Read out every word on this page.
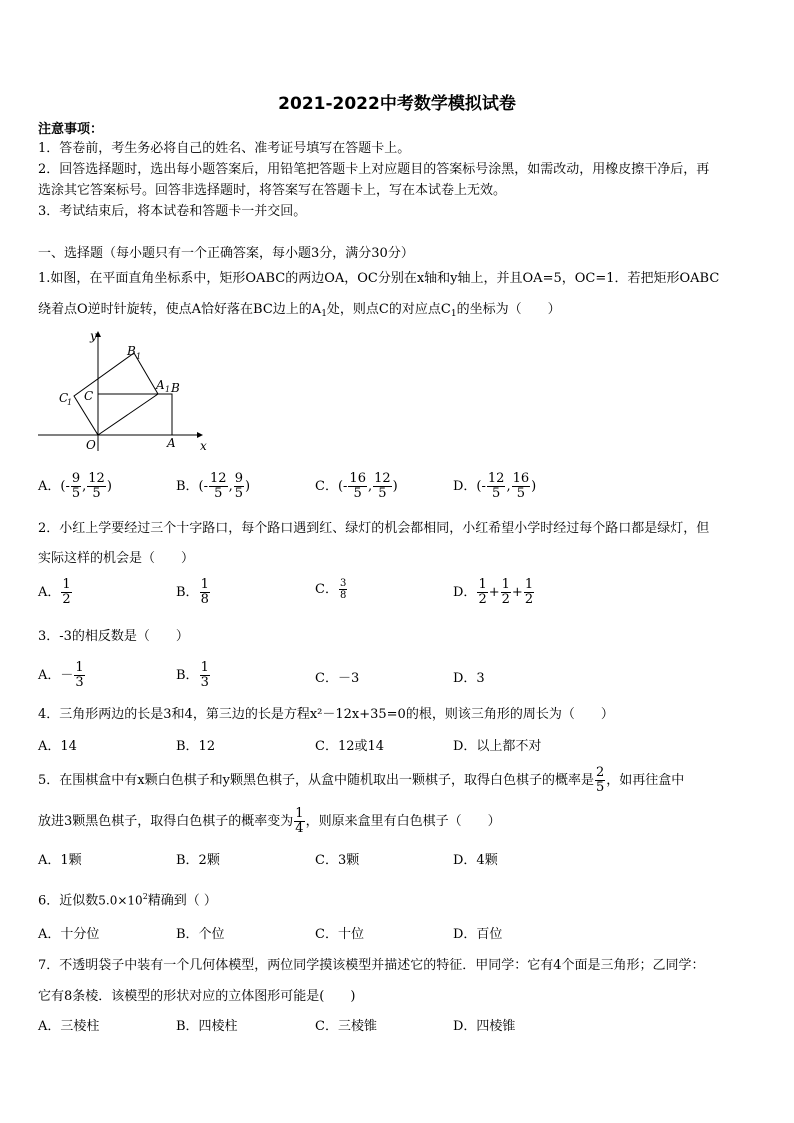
2021-2022中考数学模拟试卷
注意事项：
1．答卷前，考生务必将自己的姓名、准考证号填写在答题卡上。
2．回答选择题时，选出每小题答案后，用铅笔把答题卡上对应题目的答案标号涂黑，如需改动，用橡皮擦干净后，再
选涂其它答案标号。回答非选择题时，将答案写在答题卡上，写在本试卷上无效。
3．考试结束后，将本试卷和答题卡一并交回。
一、选择题（每小题只有一个正确答案，每小题3分，满分30分）
1.如图，在平面直角坐标系中，矩形OABC的两边OA，OC分别在x轴和y轴上，并且OA=5，OC=1．若把矩形OABC
绕着点O逆时针旋转，使点A恰好落在BC边上的$A_1$处，则点C的对应点$C_1$的坐标为（　　）
y
x
O	A
B
C
B 1
A 1
C
1
A．(- $\frac{9}{5}$ , $\frac{12}{5}$ )	B．(- $\frac{12}{5}$ , $\frac{9}{5}$ )	C．(- $\frac{16}{5}$ , $\frac{12}{5}$ )	D．(- $\frac{12}{5}$ , $\frac{16}{5}$ )
2．小红上学要经过三个十字路口，每个路口遇到红、绿灯的机会都相同，小红希望小学时经过每个路口都是绿灯，但
实际这样的机会是（　　）
A． $\frac{1}{2}$	B． $\frac{1}{8}$	C． $\frac{3}{8}$	D． $\frac{1}{2} + \frac{1}{2} + \frac{1}{2}$
3．-3的相反数是（　　）
A．－ $\frac{1}{3}$	B． $\frac{1}{3}$	C．－3	D．3
4．三角形两边的长是3和4，第三边的长是方程x²－12x+35=0的根，则该三角形的周长为（　　）
A．14	B．12	C．12或14	D．以上都不对
5．在围棋盒中有x颗白色棋子和y颗黑色棋子，从盒中随机取出一颗棋子，取得白色棋子的概率是 $\frac{2}{5}$ ，如再往盒中
放进3颗黑色棋子，取得白色棋子的概率变为 $\frac{1}{4}$ ，则原来盒里有白色棋子（　　）
A．1颗	B．2颗	C．3颗	D．4颗
6．近似数$5.0\times 10^2$精确到（ ）
A．十分位	B．个位	C．十位	D．百位
7．不透明袋子中装有一个几何体模型，两位同学摸该模型并描述它的特征．甲同学：它有4个面是三角形；乙同学：
它有8条棱．该模型的形状对应的立体图形可能是(　　)
A．三棱柱	B．四棱柱	C．三棱锥	D．四棱锥
